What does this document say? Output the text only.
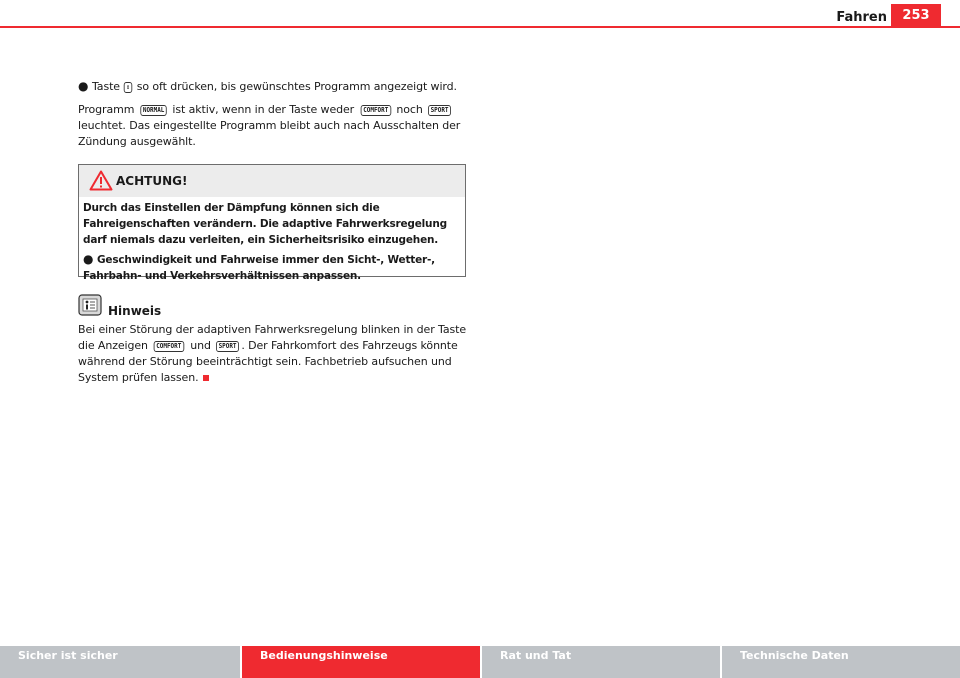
Fahren	253

● Taste ⇕ so oft drücken, bis gewünschtes Programm angezeigt wird.

Programm NORMAL ist aktiv, wenn in der Taste weder COMFORT noch SPORT leuchtet. Das eingestellte Programm bleibt auch nach Ausschalten der Zündung ausgewählt.

ACHTUNG!

Durch das Einstellen der Dämpfung können sich die Fahreigenschaften verändern. Die adaptive Fahrwerksregelung darf niemals dazu verleiten, ein Sicherheitsrisiko einzugehen.

● Geschwindigkeit und Fahrweise immer den Sicht-, Wetter-, Fahrbahn- und Verkehrsverhältnissen anpassen.

Hinweis
Bei einer Störung der adaptiven Fahrwerksregelung blinken in der Taste die Anzeigen COMFORT und SPORT . Der Fahrkomfort des Fahrzeugs könnte während der Störung beeinträchtigt sein. Fachbetrieb aufsuchen und System prüfen lassen.
Sicher ist sicher	Bedienungshinweise	Rat und Tat	Technische Daten
